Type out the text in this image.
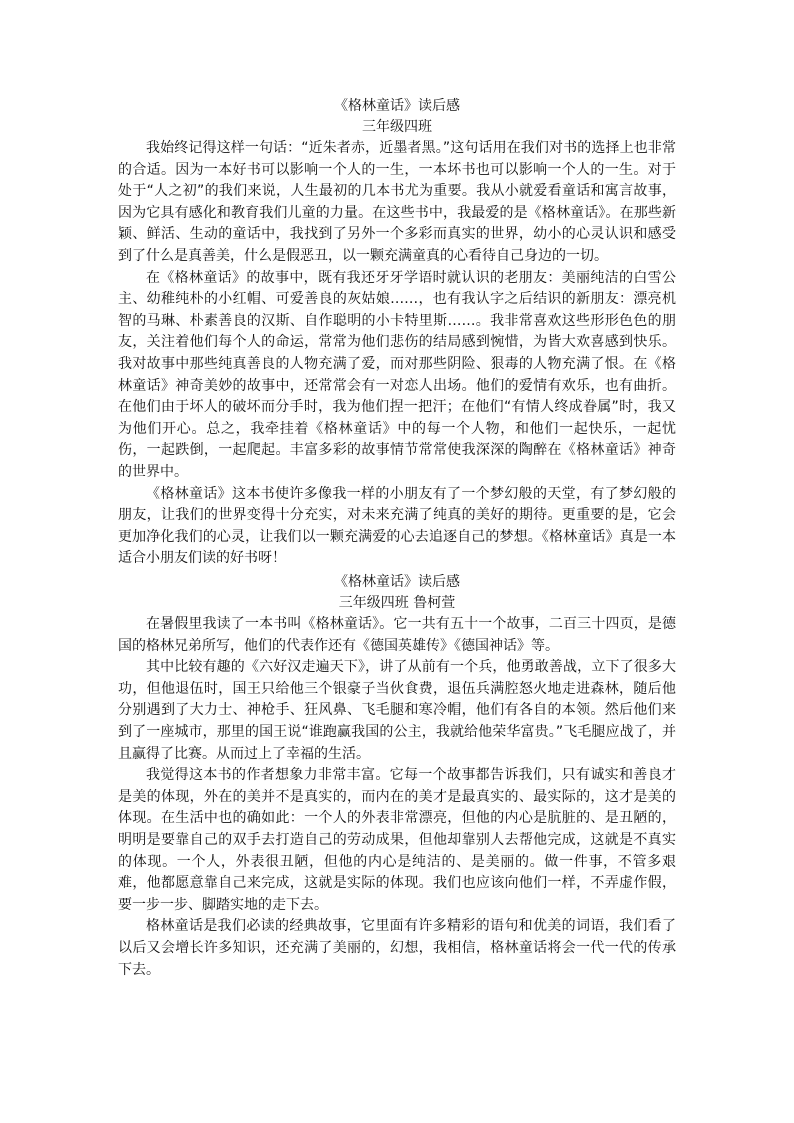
《格林童话》读后感

三年级四班

我始终记得这样一句话：“近朱者赤，近墨者黑。”这句话用在我们对书的选择上也非常的合适。因为一本好书可以影响一个人的一生，一本坏书也可以影响一个人的一生。对于处于“人之初”的我们来说，人生最初的几本书尤为重要。我从小就爱看童话和寓言故事，因为它具有感化和教育我们儿童的力量。在这些书中，我最爱的是《格林童话》。在那些新颖、鲜活、生动的童话中，我找到了另外一个多彩而真实的世界，幼小的心灵认识和感受到了什么是真善美，什么是假恶丑，以一颗充满童真的心看待自己身边的一切。

在《格林童话》的故事中，既有我还牙牙学语时就认识的老朋友：美丽纯洁的白雪公主、幼稚纯朴的小红帽、可爱善良的灰姑娘……，也有我认字之后结识的新朋友：漂亮机智的马琳、朴素善良的汉斯、自作聪明的小卡特里斯……。我非常喜欢这些形形色色的朋友，关注着他们每个人的命运，常常为他们悲伤的结局感到惋惜，为皆大欢喜感到快乐。我对故事中那些纯真善良的人物充满了爱，而对那些阴险、狠毒的人物充满了恨。在《格林童话》神奇美妙的故事中，还常常会有一对恋人出场。他们的爱情有欢乐，也有曲折。在他们由于坏人的破坏而分手时，我为他们捏一把汗；在他们“有情人终成眷属”时，我又为他们开心。总之，我牵挂着《格林童话》中的每一个人物，和他们一起快乐，一起忧伤，一起跌倒，一起爬起。丰富多彩的故事情节常常使我深深的陶醉在《格林童话》神奇的世界中。

《格林童话》这本书使许多像我一样的小朋友有了一个梦幻般的天堂，有了梦幻般的朋友，让我们的世界变得十分充实，对未来充满了纯真的美好的期待。更重要的是，它会更加净化我们的心灵，让我们以一颗充满爱的心去追逐自己的梦想。《格林童话》真是一本适合小朋友们读的好书呀！

《格林童话》读后感

三年级四班 鲁柯萱

在暑假里我读了一本书叫《格林童话》。它一共有五十一个故事，二百三十四页，是德国的格林兄弟所写，他们的代表作还有《德国英雄传》《德国神话》等。

其中比较有趣的《六好汉走遍天下》，讲了从前有一个兵，他勇敢善战，立下了很多大功，但他退伍时，国王只给他三个银豪子当伙食费，退伍兵满腔怒火地走进森林，随后他分别遇到了大力士、神枪手、狂风鼻、飞毛腿和寒冷帽，他们有各自的本领。然后他们来到了一座城市，那里的国王说“谁跑赢我国的公主，我就给他荣华富贵。”飞毛腿应战了，并且赢得了比赛。从而过上了幸福的生活。

我觉得这本书的作者想象力非常丰富。它每一个故事都告诉我们，只有诚实和善良才是美的体现，外在的美并不是真实的，而内在的美才是最真实的、最实际的，这才是美的体现。在生活中也的确如此：一个人的外表非常漂亮，但他的内心是肮脏的、是丑陋的，明明是要靠自己的双手去打造自己的劳动成果，但他却靠别人去帮他完成，这就是不真实的体现。一个人，外表很丑陋，但他的内心是纯洁的、是美丽的。做一件事，不管多艰难，他都愿意靠自己来完成，这就是实际的体现。我们也应该向他们一样，不弄虚作假，要一步一步、脚踏实地的走下去。

格林童话是我们必读的经典故事，它里面有许多精彩的语句和优美的词语，我们看了以后又会增长许多知识，还充满了美丽的，幻想，我相信，格林童话将会一代一代的传承下去。
